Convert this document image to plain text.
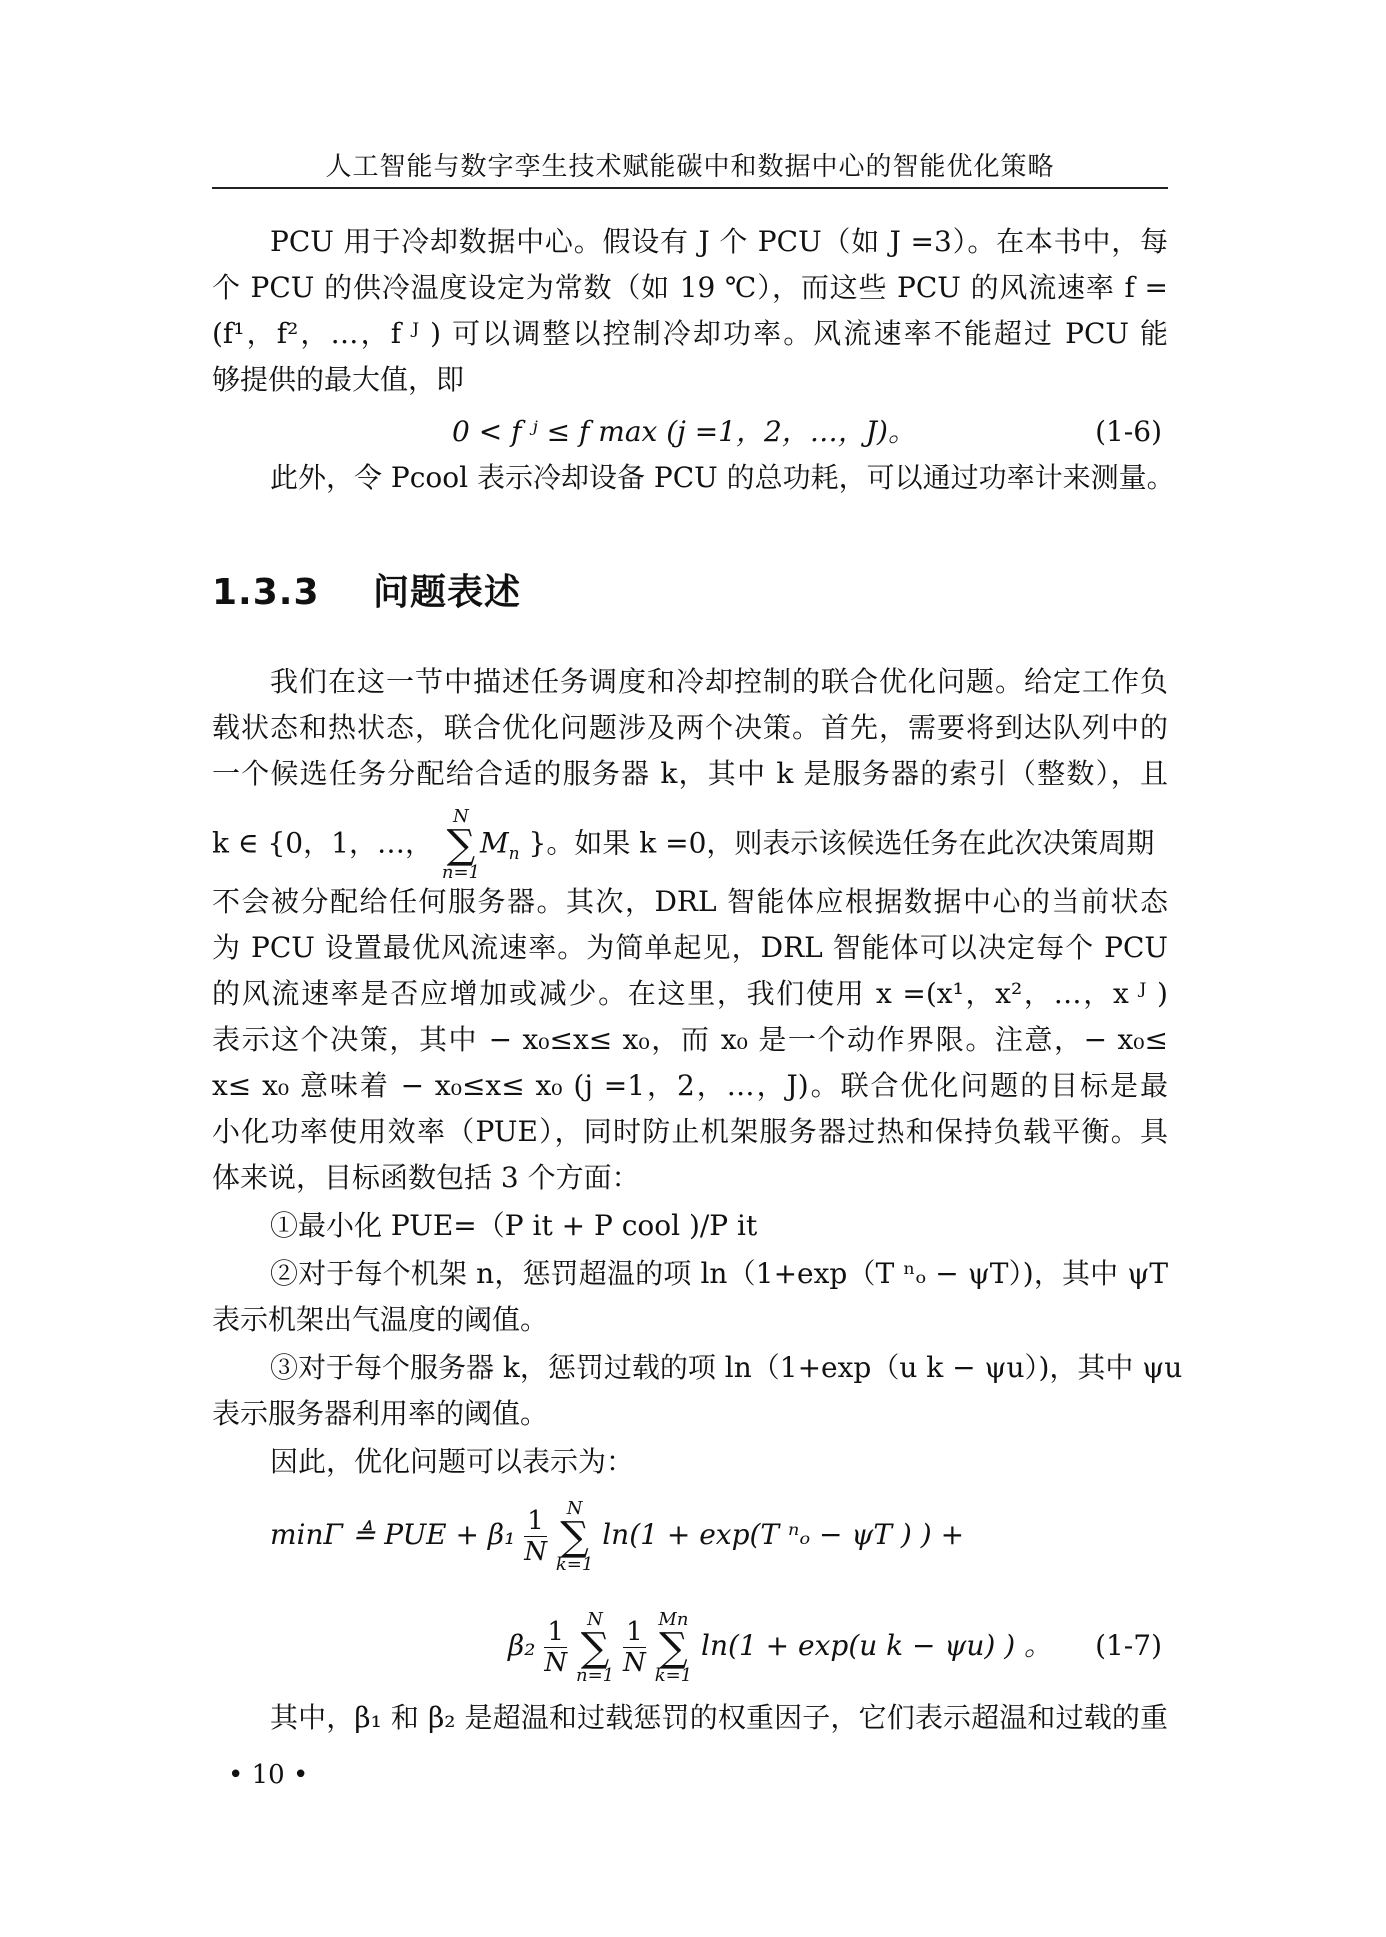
人工智能与数字孪生技术赋能碳中和数据中心的智能优化策略
PCU 用于冷却数据中心。假设有 J 个 PCU（如 J =3）。在本书中，每
个 PCU 的供冷温度设定为常数（如 19 ℃），而这些 PCU 的风流速率 f =
(f¹，f²，…，f ᴶ ) 可以调整以控制冷却功率。风流速率不能超过 PCU 能
够提供的最大值，即
0 < f ʲ ≤ f max (j =1，2，…，J)。	(1-6)
此外，令 Pcool 表示冷却设备 PCU 的总功耗，可以通过功率计来测量。
1.3.3 问题表述
我们在这一节中描述任务调度和冷却控制的联合优化问题。给定工作负
载状态和热状态，联合优化问题涉及两个决策。首先，需要将到达队列中的
一个候选任务分配给合适的服务器 k，其中 k 是服务器的索引（整数），且
k ∈ {0，1，…， N
∑
$n=1M_n$ }。如果 k =0，则表示该候选任务在此次决策周期
不会被分配给任何服务器。其次，DRL 智能体应根据数据中心的当前状态
为 PCU 设置最优风流速率。为简单起见，DRL 智能体可以决定每个 PCU
的风流速率是否应增加或减少。在这里，我们使用 x =(x¹，x²，…，x ᴶ )
表示这个决策，其中 − x₀≤x≤ x₀，而 x₀ 是一个动作界限。注意，− x₀≤
x≤ x₀ 意味着 − x₀≤x≤ x₀ (j =1，2，…，J)。联合优化问题的目标是最
小化功率使用效率（PUE），同时防止机架服务器过热和保持负载平衡。具
体来说，目标函数包括 3 个方面：
①最小化 PUE=（P it + P cool )/P it
②对于每个机架 n，惩罚超温的项 ln（1+exp（T ⁿₒ − ψT）)，其中 ψT
表示机架出气温度的阈值。
③对于每个服务器 k，惩罚过载的项 ln（1+exp（u k − ψu）)，其中 ψu
表示服务器利用率的阈值。
因此，优化问题可以表示为：
minΓ ≜ PUE + $\beta_1 \frac{1}{N}$ N
∑
k=1 ln(1 + exp(T ⁿₒ − ψT ) ) +
$\beta_2 \frac{1}{N}$ N
∑
$n=1 \frac{1}{N}$ Mn
∑
k=1 ln(1 + exp(u k − ψu) ) 。 (1-7)
其中，β₁ 和 β₂ 是超温和过载惩罚的权重因子，它们表示超温和过载的重
• 10 •
